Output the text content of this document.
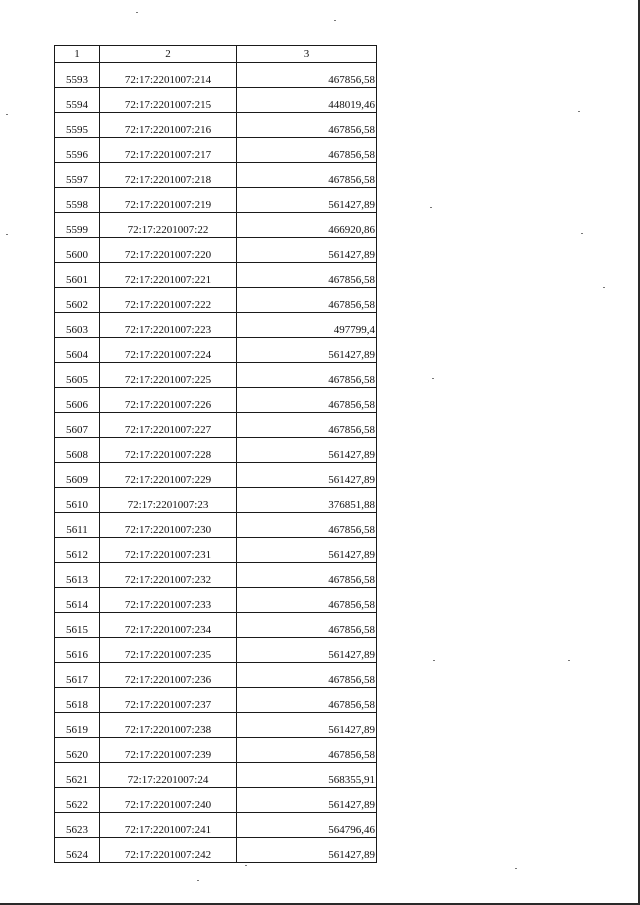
1	2	3
5593	72:17:2201007:214	467856,58
5594	72:17:2201007:215	448019,46
5595	72:17:2201007:216	467856,58
5596	72:17:2201007:217	467856,58
5597	72:17:2201007:218	467856,58
5598	72:17:2201007:219	561427,89
5599	72:17:2201007:22	466920,86
5600	72:17:2201007:220	561427,89
5601	72:17:2201007:221	467856,58
5602	72:17:2201007:222	467856,58
5603	72:17:2201007:223	497799,4
5604	72:17:2201007:224	561427,89
5605	72:17:2201007:225	467856,58
5606	72:17:2201007:226	467856,58
5607	72:17:2201007:227	467856,58
5608	72:17:2201007:228	561427,89
5609	72:17:2201007:229	561427,89
5610	72:17:2201007:23	376851,88
5611	72:17:2201007:230	467856,58
5612	72:17:2201007:231	561427,89
5613	72:17:2201007:232	467856,58
5614	72:17:2201007:233	467856,58
5615	72:17:2201007:234	467856,58
5616	72:17:2201007:235	561427,89
5617	72:17:2201007:236	467856,58
5618	72:17:2201007:237	467856,58
5619	72:17:2201007:238	561427,89
5620	72:17:2201007:239	467856,58
5621	72:17:2201007:24	568355,91
5622	72:17:2201007:240	561427,89
5623	72:17:2201007:241	564796,46
5624	72:17:2201007:242	561427,89
